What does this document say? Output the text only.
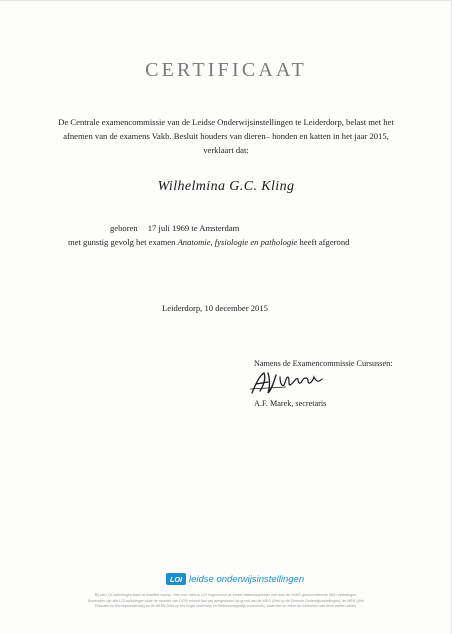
CERTIFICAAT
De Centrale examencommissie van de Leidse Onderwijsinstellingen te Leiderdorp, belast met het
afnemen van de examens Vakb. Besluit houders van dieren– honden en katten in het jaar 2015,
verklaart dat:
Wilhelmina G.C. Kling
geboren 17 juli 1969 te Amsterdam
met gunstig gevolg het examen Anatomie, fysiologie en pathologie heeft afgerond
Leiderdorp, 10 december 2015
Namens de Examencommissie Cursussen:
A.F. Marek, secretaris
LOI leidse onderwijsinstellingen
Bij alle LOI-opleidingen staat de kwaliteit voorop. Niet voor niets is LOI Hogeschool de eerste afstandsopleider met door de NVAO geaccrediteerde HBO-opleidingen.
Bovendien zijn alle LOI-opleidingen door de minister van OCW erkend dan wel aangewezen op grond van de WEO (Wet op de Erkende Onderwijsinstellingen), de WEB (Wet
Educatie en Beroepsonderwijs) en de WHW (Wet op het Hoger onderwijs en Wetenschappelijk onderzoek), waarmee ze zeker de rubriceren van deze wetten vallen.
